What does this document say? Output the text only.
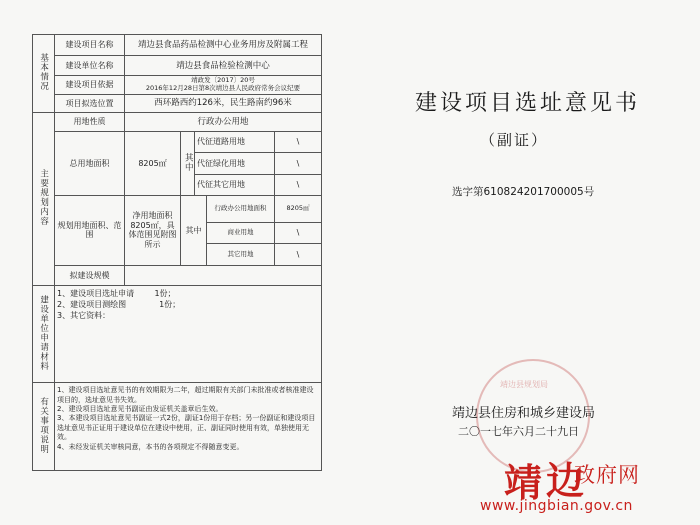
基本情况	建设项目名称	靖边县食品药品检测中心业务用房及附属工程				
	建设单位名称	靖边县食品检验检测中心				
	建设项目依据	靖政发〔2017〕20号
2016年12月28日第8次靖边县人民政府常务会议纪要				

	项目拟选位置	西环路西约126米，民生路南约96米				
主要规划内容	用地性质	行政办公用地				
	总用地面积	8205㎡	其中	代征道路用地		\
				代征绿化用地		\
				代征其它用地		\
	规划用地面积、范围	净用地面积8205㎡，具体范围见附图所示	其中		行政办公用地面积	8205㎡
					商业用地	\
					其它用地	\
	拟建设规模					
建设单位申请材料	1、建设项目选址申请 1份；
2、建设项目测绘图 1份；
3、其它资料：					

有关事项说明	1、建设项目选址意见书的有效期限为二年，超过期限有关部门未批准或者核准建设项目的，选址意见书失效。
2、建设项目选址意见书副证由发证机关盖章后生效。
3、本建设项目选址意见书副证一式2份，副证1份用于存档；另一份副证和建设项目选址意见书正证用于建设单位在建设中使用，正、副证同时使用有效，单独使用无效。
4、未经发证机关审核同意，本书的各项规定不得随意变更。					
建设项目选址意见书
（副证）
选字第610824201700005号
靖边县规划局
靖边县住房和城乡建设局
二〇一七年六月二十九日
靖 边
政府网
www.jingbian.gov.cn
